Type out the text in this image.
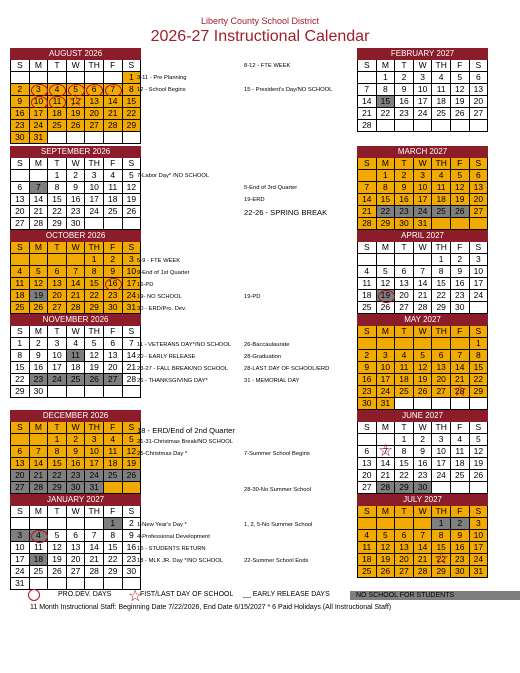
Liberty County School District
2026-27 Instructional Calendar
AUGUST 2026						
S	M	T	W	TH	F	S
						1
2	3	4	5	6	7	8
9	10	11	12 ☆	13	14	15
16	17	18	19	20	21	22
23	24	25	26	27	28	29
30	31					
SEPTEMBER 2026						
S	M	T	W	TH	F	S
		1	2	3	4	5
6	7	8	9	10	11	12
13	14	15	16	17	18	19
20	21	22	23	24	25	26
27	28	29	30			
OCTOBER 2026						
S	M	T	W	TH	F	S
				1	2	3
4	5	6	7	8	9	10
11	12	13	14	15	16	17
18	19	20	21	22	23	24
25	26	27	28	29	30	31
NOVEMBER 2026						
S	M	T	W	TH	F	S
1	2	3	4	5	6	7
8	9	10	11	12	13	14
15	16	17	18	19	20	21
22	23	24	25	26	27	28
29	30					
DECEMBER 2026						
S	M	T	W	TH	F	S
		1	2	3	4	5
6	7	8	9	10	11	12
13	14	15	16	17	18	19
20	21	22	23	24	25	26
27	28	29	30	31		
JANUARY 2027						
S	M	T	W	TH	F	S
					1	2
3	4	5	6	7	8	9
10	11	12	13	14	15	16
17	18	19	20	21	22	23
24	25	26	27	28	29	30
31						
FEBRUARY 2027						
S	M	T	W	TH	F	S
	1	2	3	4	5	6
7	8	9	10	11	12	13
14	15	16	17	18	19	20
21	22	23	24	25	26	27
28						
MARCH 2027						
S	M	T	W	TH	F	S
	1	2	3	4	5	6
7	8	9	10	11	12	13
14	15	16	17	18	19	20
21	22	23	24	25	26	27
28	29	30	31			
APRIL 2027						
S	M	T	W	TH	F	S
				1	2	3
4	5	6	7	8	9	10
11	12	13	14	15	16	17
18	19	20	21	22	23	24
25	26	27	28	29	30	
MAY 2027						
S	M	T	W	TH	F	S
						1
2	3	4	5	6	7	8
9	10	11	12	13	14	15
16	17	18	19	20	21	22
23	24	25	26	27	28 ☆	29
30	31					
JUNE 2027						
S	M	T	W	TH	F	S
		1	2	3	4	5
6	7 ☆	8	9	10	11	12
13	14	15	16	17	18	19
20	21	22	23	24	25	26
27	28	29	30			
JULY 2027						
S	M	T	W	TH	F	S
				1	2	3
4	5	6	7	8	9	10
11	12	13	14	15	16	17
18	19	20	21	22 ☆	23	24
25	26	27	28	29	30	31
3-11 - Pre Planning
12 - School Begins
8-12 - FTE WEEK
15 - President's Day/NO SCHOOL
7-Labor Day* /NO SCHOOL
5-End of 3rd Quarter
19-ERD
22-26 - SPRING BREAK
5-9 - FTE WEEK
9-End of 1st Quarter
16-PD
19- NO SCHOOL	19-PD
30 - ERD/Pro. Dev.
11 - VETERANS DAY*/NO SCHOOL 26-Baccaulaurate
20 - EARLY RELEASE	28-Graduation
23-27 - FALL BREAK/NO SCHOOL	28-LAST DAY OF SCHOOL/ERD
26 - THANKSGIVING DAY*	31 - MEMORIAL DAY
18 - ERD/End of 2nd Quarter
21-31-Christmas Break/NO SCHOOL
25-Christmas Day *	7-Summer School Begins
28-30-No Summer School
1-New Year's Day *	1, 2, 5-No Summer School
4-Professional Development
15 - STUDENTS RETURN
18 - MLK JR. Day */NO SCHOOL	22-Summer School Ends
PRO.DEV. DAYS ☆
FIST/LAST DAY OF SCHOOL __ EARLY RELEASE DAYS	NO SCHOOL FOR STUDENTS
11 Month Instructional Staff: Beginning Date 7/22/2026, End Date 6/15/2027 * 6 Paid Holidays (All Instructional Staff)
